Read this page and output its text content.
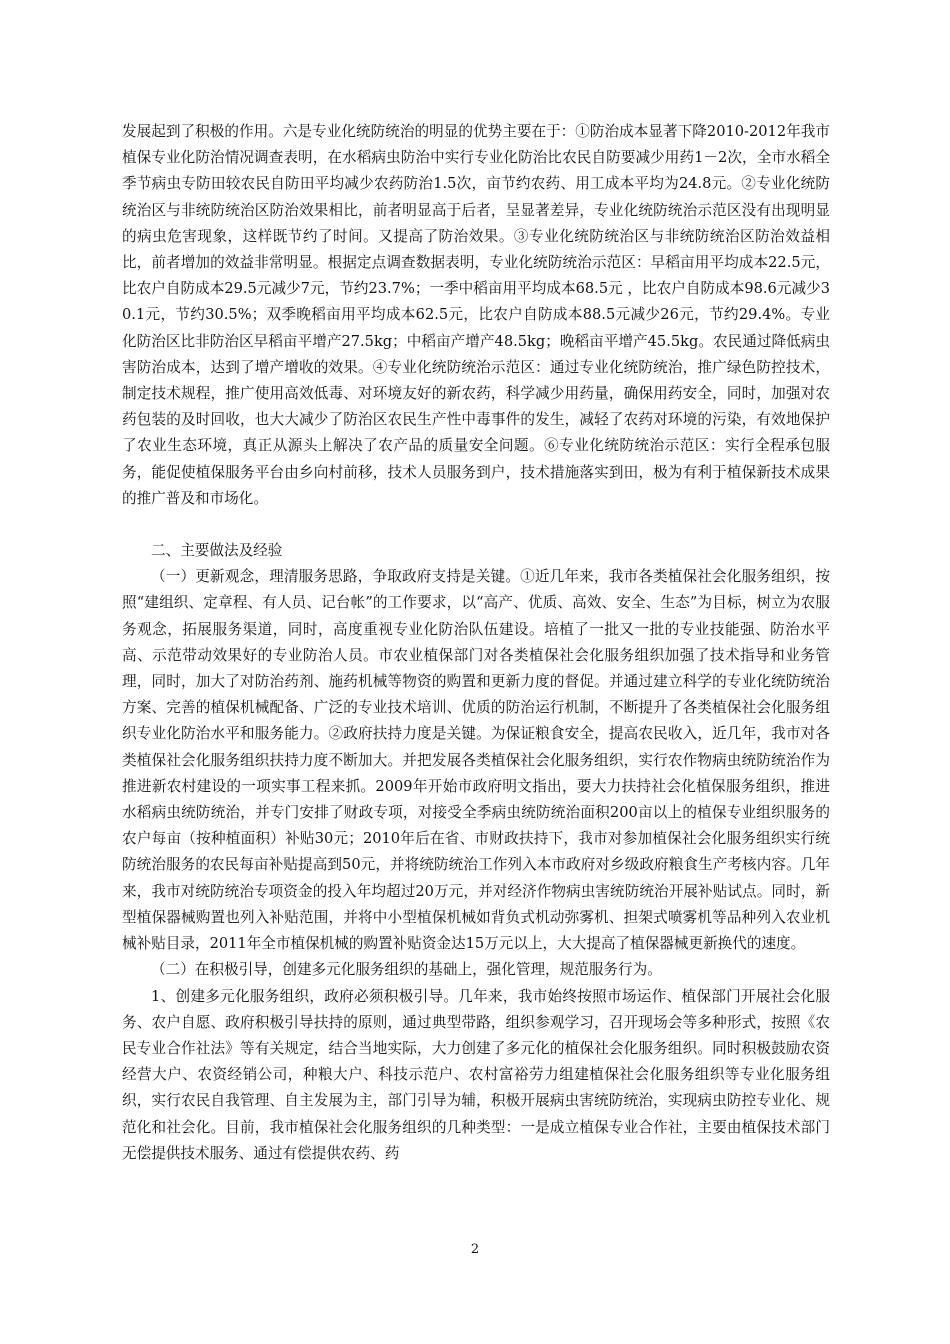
发展起到了积极的作用。六是专业化统防统治的明显的优势主要在于：①防治成本显著下降2010-2012年我市植保专业化防治情况调查表明，在水稻病虫防治中实行专业化防治比农民自防要减少用药1－2次，全市水稻全季节病虫专防田较农民自防田平均减少农药防治1.5次，亩节约农药、用工成本平均为24.8元。②专业化统防统治区与非统防统治区防治效果相比，前者明显高于后者，呈显著差异，专业化统防统治示范区没有出现明显的病虫危害现象，这样既节约了时间。又提高了防治效果。③专业化统防统治区与非统防统治区防治效益相比，前者增加的效益非常明显。根据定点调查数据表明，专业化统防统治示范区：早稻亩用平均成本22.5元，比农户自防成本29.5元减少7元，节约23.7%；一季中稻亩用平均成本68.5元 ，比农户自防成本98.6元减少30.1元，节约30.5%；双季晚稻亩用平均成本62.5元，比农户自防成本88.5元减少26元，节约29.4%。专业化防治区比非防治区早稻亩平增产27.5kg；中稻亩产增产48.5kg；晚稻亩平增产45.5kg。农民通过降低病虫害防治成本，达到了增产增收的效果。④专业化统防统治示范区：通过专业化统防统治，推广绿色防控技术，制定技术规程，推广使用高效低毒、对环境友好的新农药，科学减少用药量，确保用药安全，同时，加强对农药包装的及时回收，也大大减少了防治区农民生产性中毒事件的发生，减轻了农药对环境的污染，有效地保护了农业生态环境，真正从源头上解决了农产品的质量安全问题。⑥专业化统防统治示范区：实行全程承包服务，能促使植保服务平台由乡向村前移，技术人员服务到户，技术措施落实到田，极为有利于植保新技术成果的推广普及和市场化。

二、主要做法及经验

（一）更新观念，理清服务思路，争取政府支持是关键。①近几年来，我市各类植保社会化服务组织，按照“建组织、定章程、有人员、记台帐”的工作要求，以“高产、优质、高效、安全、生态”为目标，树立为农服务观念，拓展服务渠道，同时，高度重视专业化防治队伍建设。培植了一批又一批的专业技能强、防治水平高、示范带动效果好的专业防治人员。市农业植保部门对各类植保社会化服务组织加强了技术指导和业务管理，同时，加大了对防治药剂、施药机械等物资的购置和更新力度的督促。并通过建立科学的专业化统防统治方案、完善的植保机械配备、广泛的专业技术培训、优质的防治运行机制，不断提升了各类植保社会化服务组织专业化防治水平和服务能力。②政府扶持力度是关键。为保证粮食安全，提高农民收入，近几年，我市对各类植保社会化服务组织扶持力度不断加大。并把发展各类植保社会化服务组织，实行农作物病虫统防统治作为推进新农村建设的一项实事工程来抓。2009年开始市政府明文指出，要大力扶持社会化植保服务组织，推进水稻病虫统防统治，并专门安排了财政专项，对接受全季病虫统防统治面积200亩以上的植保专业组织服务的农户每亩（按种植面积）补贴30元；2010年后在省、市财政扶持下，我市对参加植保社会化服务组织实行统防统治服务的农民每亩补贴提高到50元，并将统防统治工作列入本市政府对乡级政府粮食生产考核内容。几年来，我市对统防统治专项资金的投入年均超过20万元，并对经济作物病虫害统防统治开展补贴试点。同时，新型植保器械购置也列入补贴范围，并将中小型植保机械如背负式机动弥雾机、担架式喷雾机等品种列入农业机械补贴目录，2011年全市植保机械的购置补贴资金达15万元以上，大大提高了植保器械更新换代的速度。

（二）在积极引导，创建多元化服务组织的基础上，强化管理，规范服务行为。

1、创建多元化服务组织，政府必须积极引导。几年来，我市始终按照市场运作、植保部门开展社会化服务、农户自愿、政府积极引导扶持的原则，通过典型带路，组织参观学习，召开现场会等多种形式，按照《农民专业合作社法》等有关规定，结合当地实际，大力创建了多元化的植保社会化服务组织。同时积极鼓励农资经营大户、农资经销公司，种粮大户、科技示范户、农村富裕劳力组建植保社会化服务组织等专业化服务组织，实行农民自我管理、自主发展为主，部门引导为辅，积极开展病虫害统防统治，实现病虫防控专业化、规范化和社会化。目前，我市植保社会化服务组织的几种类型：一是成立植保专业合作社，主要由植保技术部门无偿提供技术服务、通过有偿提供农药、药

2
